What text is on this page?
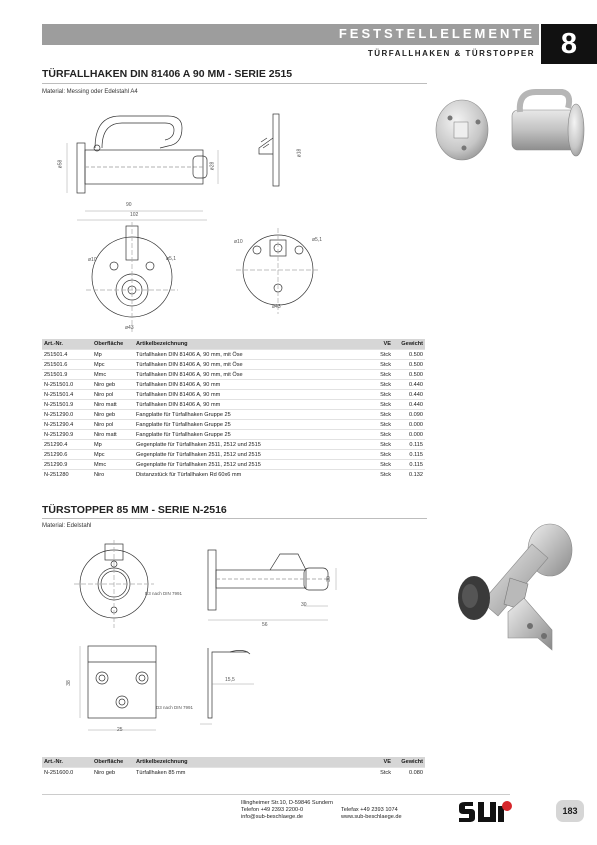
FESTSTELLELEMENTE
TÜRFALLHAKEN & TÜRSTOPPER 8
TÜRFALLHAKEN DIN 81406 A 90 MM - SERIE 2515
Material: Messing oder Edelstahl A4
ø58	ø28
90
102
ø18
ø10	ø5,1
ø43
ø10	ø5,1
ø43
Art.-Nr.	Oberfläche	Artikelbezeichnung	VE	Gewicht
251501.4	Mp	Türfallhaken DIN 81406 A, 90 mm, mit Öse	Stck	0.500
251501.6	Mpc	Türfallhaken DIN 81406 A, 90 mm, mit Öse	Stck	0.500
251501.9	Mmc	Türfallhaken DIN 81406 A, 90 mm, mit Öse	Stck	0.500
N-251501.0	Niro geb	Türfallhaken DIN 81406 A, 90 mm	Stck	0.440
N-251501.4	Niro pol	Türfallhaken DIN 81406 A, 90 mm	Stck	0.440
N-251501.9	Niro matt	Türfallhaken DIN 81406 A, 90 mm	Stck	0.440
N-251290.0	Niro geb	Fangplatte für Türfallhaken Gruppe 25	Stck	0.090
N-251290.4	Niro pol	Fangplatte für Türfallhaken Gruppe 25	Stck	0.000
N-251290.9	Niro matt	Fangplatte für Türfallhaken Gruppe 25	Stck	0.000
251290.4	Mp	Gegenplatte für Türfallhaken 2511, 2512 und 2515	Stck	0.115
251290.6	Mpc	Gegenplatte für Türfallhaken 2511, 2512 und 2515	Stck	0.115
251290.9	Mmc	Gegenplatte für Türfallhaken 2511, 2512 und 2515	Stck	0.115
N-251280	Niro	Distanzstück für Türfallhaken Rd 60x6 mm	Stck	0.132
TÜRSTOPPER 85 MM - SERIE N-2516
Material: Edelstahl
D3 nach DIN 7991
56
30
30
38
25
D3 nach DIN 7991
15,5
Art.-Nr.	Oberfläche	Artikelbezeichnung	VE	Gewicht
N-251600.0	Niro geb	Türfallhaken 85 mm	Stck	0.080
Illingheimer Str.10, D-59846 Sundern
Telefon +49 2393 2200-0
info@sub-beschlaege.de
Telefax +49 2393 1074
www.sub-beschlaege.de
183
